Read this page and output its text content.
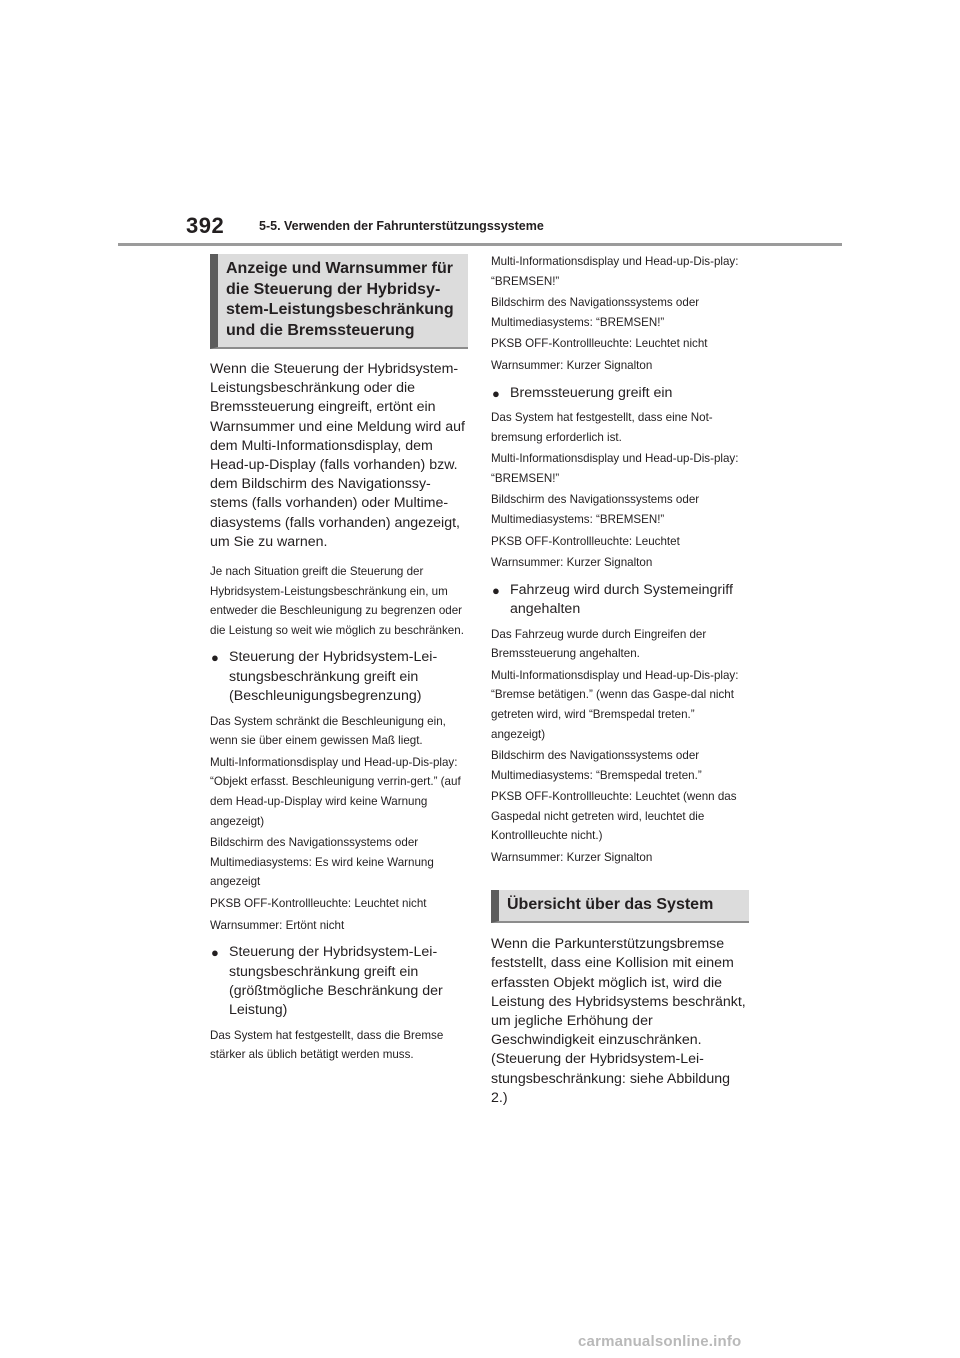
392	5-5. Verwenden der Fahrunterstützungssysteme
Anzeige und Warnsummer für die Steuerung der Hybridsy-stem-Leistungsbeschränkung und die Bremssteuerung

Wenn die Steuerung der Hybridsystem-Leistungsbeschränkung oder die Bremssteuerung eingreift, ertönt ein Warnsummer und eine Meldung wird auf dem Multi-Informationsdisplay, dem Head-up-Display (falls vorhanden) bzw. dem Bildschirm des Navigationssy-stems (falls vorhanden) oder Multime-diasystems (falls vorhanden) angezeigt, um Sie zu warnen.

Je nach Situation greift die Steuerung der Hybridsystem-Leistungsbeschränkung ein, um entweder die Beschleunigung zu begrenzen oder die Leistung so weit wie möglich zu beschränken.

● Steuerung der Hybridsystem-Lei-stungsbeschränkung greift ein (Beschleunigungsbegrenzung)

Das System schränkt die Beschleunigung ein, wenn sie über einem gewissen Maß liegt.

Multi-Informationsdisplay und Head-up-Dis-play: “Objekt erfasst. Beschleunigung verrin-gert.” (auf dem Head-up-Display wird keine Warnung angezeigt)

Bildschirm des Navigationssystems oder Multimediasystems: Es wird keine Warnung angezeigt

PKSB OFF-Kontrollleuchte: Leuchtet nicht

Warnsummer: Ertönt nicht

● Steuerung der Hybridsystem-Lei-stungsbeschränkung greift ein (größtmögliche Beschränkung der Leistung)

Das System hat festgestellt, dass die Bremse stärker als üblich betätigt werden muss.

Multi-Informationsdisplay und Head-up-Dis-play: “BREMSEN!”

Bildschirm des Navigationssystems oder Multimediasystems: “BREMSEN!”

PKSB OFF-Kontrollleuchte: Leuchtet nicht

Warnsummer: Kurzer Signalton

● Bremssteuerung greift ein

Das System hat festgestellt, dass eine Not-bremsung erforderlich ist.

Multi-Informationsdisplay und Head-up-Dis-play: “BREMSEN!”

Bildschirm des Navigationssystems oder Multimediasystems: “BREMSEN!”

PKSB OFF-Kontrollleuchte: Leuchtet

Warnsummer: Kurzer Signalton

● Fahrzeug wird durch Systemeingriff angehalten

Das Fahrzeug wurde durch Eingreifen der Bremssteuerung angehalten.

Multi-Informationsdisplay und Head-up-Dis-play: “Bremse betätigen.” (wenn das Gaspe-dal nicht getreten wird, wird “Bremspedal treten.” angezeigt)

Bildschirm des Navigationssystems oder Multimediasystems: “Bremspedal treten.”

PKSB OFF-Kontrollleuchte: Leuchtet (wenn das Gaspedal nicht getreten wird, leuchtet die Kontrollleuchte nicht.)

Warnsummer: Kurzer Signalton

Übersicht über das System

Wenn die Parkunterstützungsbremse feststellt, dass eine Kollision mit einem erfassten Objekt möglich ist, wird die Leistung des Hybridsystems beschränkt, um jegliche Erhöhung der Geschwindigkeit einzuschränken. (Steuerung der Hybridsystem-Lei-stungsbeschränkung: siehe Abbildung 2.)

carmanualsonline.info
